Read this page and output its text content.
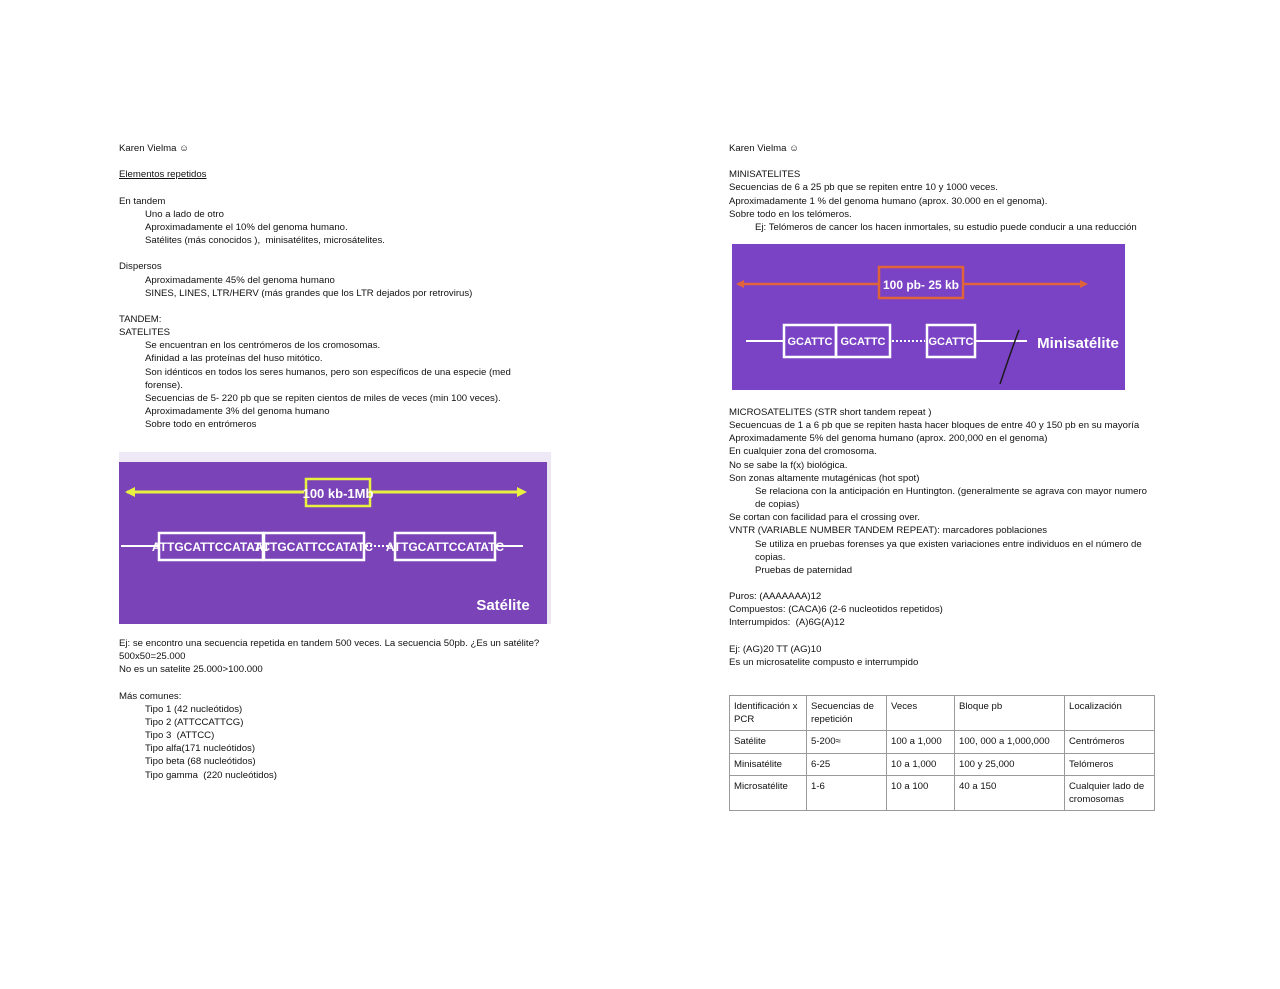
Karen Vielma ☺
Elementos repetidos
En tandem
Uno a lado de otro
Aproximadamente el 10% del genoma humano.
Satélites (más conocidos ),  minisatélites, microsátelites.
Dispersos
Aproximadamente 45% del genoma humano
SINES, LINES, LTR/HERV (más grandes que los LTR dejados por retrovirus)
TANDEM:
SATELITES
Se encuentran en los centrómeros de los cromosomas.
Afinidad a las proteínas del huso mitótico.
Son idénticos en todos los seres humanos, pero son específicos de una especie (med
forense).
Secuencias de 5- 220 pb que se repiten cientos de miles de veces (min 100 veces).
Aproximadamente 3% del genoma humano
Sobre todo en entrómeros
Ej: se encontro una secuencia repetida en tandem 500 veces. La secuencia 50pb. ¿Es un satélite?
500x50=25.000
No es un satelite 25.000>100.000
Más comunes:
Tipo 1 (42 nucleótidos)
Tipo 2 (ATTCCATTCG)
Tipo 3  (ATTCC)
Tipo alfa(171 nucleótidos)
Tipo beta (68 nucleótidos)
Tipo gamma  (220 nucleótidos)
100 kb-1Mb
ATTGCATTCCATATC
ATTGCATTCCATATC ATTGCATTCCATATC
Satélite
Karen Vielma ☺
MINISATELITES
Secuencias de 6 a 25 pb que se repiten entre 10 y 1000 veces.
Aproximadamente 1 % del genoma humano (aprox. 30.000 en el genoma).
Sobre todo en los telómeros.
Ej: Telómeros de cancer los hacen inmortales, su estudio puede conducir a una reducción
MICROSATELITES (STR short tandem repeat )
Secuencuas de 1 a 6 pb que se repiten hasta hacer bloques de entre 40 y 150 pb en su mayoría
Aproximadamente 5% del genoma humano (aprox. 200,000 en el genoma)
En cualquier zona del cromosoma.
No se sabe la f(x) biológica.
Son zonas altamente mutagénicas (hot spot)
Se relaciona con la anticipación en Huntington. (generalmente se agrava con mayor numero
de copias)
Se cortan con facilidad para el crossing over.
VNTR (VARIABLE NUMBER TANDEM REPEAT): marcadores poblaciones
Se utiliza en pruebas forenses ya que existen variaciones entre individuos en el número de
copias.
Pruebas de paternidad
Puros: (AAAAAAA)12
Compuestos: (CACA)6 (2-6 nucleotidos repetidos)
Interrumpidos:  (A)6G(A)12
Ej: (AG)20 TT (AG)10
Es un microsatelite compusto e interrumpido
100 pb- 25 kb
GCATTC GCATTC	GCATTC	Minisatélite
Identificación x PCR	Secuencias de repetición	Veces	Bloque pb	Localización
Satélite	5-200≈	100 a 1,000	100, 000 a 1,000,000	Centrómeros
Minisatélite	6-25	10 a 1,000	100 y 25,000	Telómeros
Microsatélite	1-6	10 a 100	40 a 150	Cualquier lado de cromosomas
